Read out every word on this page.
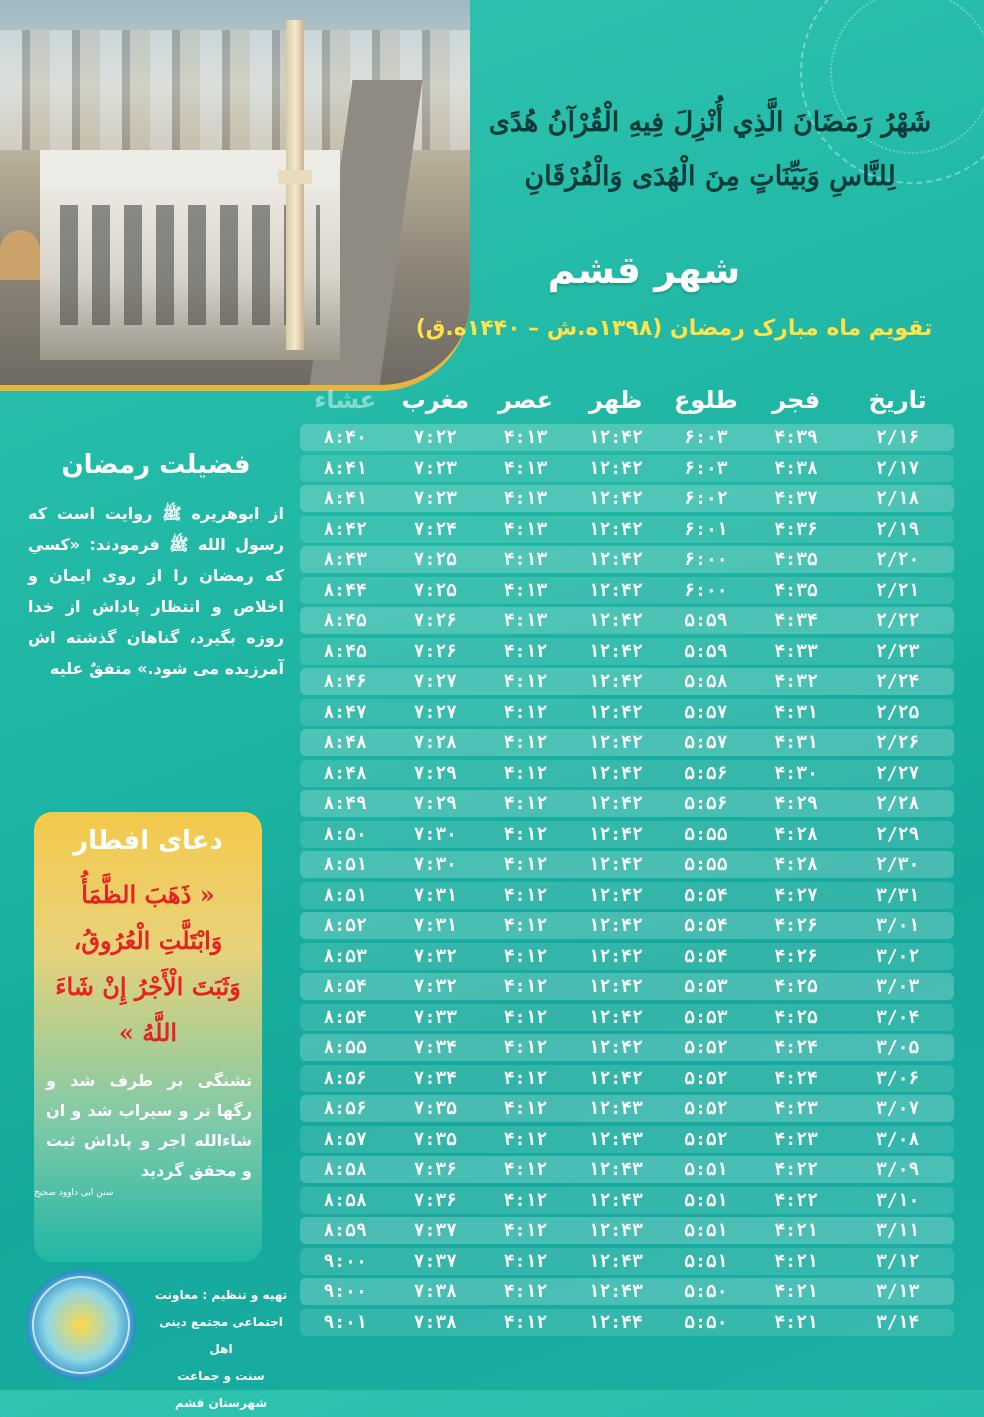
شَهْرُ رَمَضَانَ الَّذِي أُنْزِلَ فِيهِ الْقُرْآنُ هُدًى
لِلنَّاسِ وَبَيِّنَاتٍ مِنَ الْهُدَى وَالْفُرْقَانِ
شهر قشم
تقویم ماه مبارک رمضان (۱۳۹۸ه.ش – ۱۴۴۰ه.ق)
تاریخ
فجر
طلوع
ظهر
عصر
مغرب
عشاء
۲/۱۶
۴:۳۹
۶:۰۳
۱۲:۴۲
۴:۱۳
۷:۲۲
۸:۴۰
۲/۱۷
۴:۳۸
۶:۰۳
۱۲:۴۲
۴:۱۳
۷:۲۳
۸:۴۱
۲/۱۸
۴:۳۷
۶:۰۲
۱۲:۴۲
۴:۱۳
۷:۲۳
۸:۴۱
۲/۱۹
۴:۳۶
۶:۰۱
۱۲:۴۲
۴:۱۳
۷:۲۴
۸:۴۲
۲/۲۰
۴:۳۵
۶:۰۰
۱۲:۴۲
۴:۱۳
۷:۲۵
۸:۴۳
۲/۲۱
۴:۳۵
۶:۰۰
۱۲:۴۲
۴:۱۳
۷:۲۵
۸:۴۴
۲/۲۲
۴:۳۴
۵:۵۹
۱۲:۴۲
۴:۱۳
۷:۲۶
۸:۴۵
۲/۲۳
۴:۳۳
۵:۵۹
۱۲:۴۲
۴:۱۲
۷:۲۶
۸:۴۵
۲/۲۴
۴:۳۲
۵:۵۸
۱۲:۴۲
۴:۱۲
۷:۲۷
۸:۴۶
۲/۲۵
۴:۳۱
۵:۵۷
۱۲:۴۲
۴:۱۲
۷:۲۷
۸:۴۷
۲/۲۶
۴:۳۱
۵:۵۷
۱۲:۴۲
۴:۱۲
۷:۲۸
۸:۴۸
۲/۲۷
۴:۳۰
۵:۵۶
۱۲:۴۲
۴:۱۲
۷:۲۹
۸:۴۸
۲/۲۸
۴:۲۹
۵:۵۶
۱۲:۴۲
۴:۱۲
۷:۲۹
۸:۴۹
۲/۲۹
۴:۲۸
۵:۵۵
۱۲:۴۲
۴:۱۲
۷:۳۰
۸:۵۰
۲/۳۰
۴:۲۸
۵:۵۵
۱۲:۴۲
۴:۱۲
۷:۳۰
۸:۵۱
۳/۳۱
۴:۲۷
۵:۵۴
۱۲:۴۲
۴:۱۲
۷:۳۱
۸:۵۱
۳/۰۱
۴:۲۶
۵:۵۴
۱۲:۴۲
۴:۱۲
۷:۳۱
۸:۵۲
۳/۰۲
۴:۲۶
۵:۵۴
۱۲:۴۲
۴:۱۲
۷:۳۲
۸:۵۳
۳/۰۳
۴:۲۵
۵:۵۳
۱۲:۴۲
۴:۱۲
۷:۳۲
۸:۵۴
۳/۰۴
۴:۲۵
۵:۵۳
۱۲:۴۲
۴:۱۲
۷:۳۳
۸:۵۴
۳/۰۵
۴:۲۴
۵:۵۲
۱۲:۴۲
۴:۱۲
۷:۳۴
۸:۵۵
۳/۰۶
۴:۲۴
۵:۵۲
۱۲:۴۲
۴:۱۲
۷:۳۴
۸:۵۶
۳/۰۷
۴:۲۳
۵:۵۲
۱۲:۴۳
۴:۱۲
۷:۳۵
۸:۵۶
۳/۰۸
۴:۲۳
۵:۵۲
۱۲:۴۳
۴:۱۲
۷:۳۵
۸:۵۷
۳/۰۹
۴:۲۲
۵:۵۱
۱۲:۴۳
۴:۱۲
۷:۳۶
۸:۵۸
۳/۱۰
۴:۲۲
۵:۵۱
۱۲:۴۳
۴:۱۲
۷:۳۶
۸:۵۸
۳/۱۱
۴:۲۱
۵:۵۱
۱۲:۴۳
۴:۱۲
۷:۳۷
۸:۵۹
۳/۱۲
۴:۲۱
۵:۵۱
۱۲:۴۳
۴:۱۲
۷:۳۷
۹:۰۰
۳/۱۳
۴:۲۱
۵:۵۰
۱۲:۴۳
۴:۱۲
۷:۳۸
۹:۰۰
۳/۱۴
۴:۲۱
۵:۵۰
۱۲:۴۴
۴:۱۲
۷:۳۸
۹:۰۱
فضیلت رمضان

از ابوهریره ﷺ روایت است که رسول الله ﷺ فرمودند: «کسي که رمضان را از روی ایمان و اخلاص و انتظار پاداش از خدا روزه بگیرد، گناهان گذشته اش آمرزیده می شود.» متفقٌ علیه

دعای افطار
« ذَهَبَ الظَّمَأُ وَابْتَلَّتِ الْعُرُوقُ، وَثَبَتَ الْأَجْرُ إِنْ شَاءَ اللَّهُ »
تشنگی بر طرف شد و رگها تر و سیراب شد و ان شاءالله اجر و پاداش ثبت و محقق گردید
سنن ابی داوود صحیح
تهیه و تنظیم : معاونت
اجتماعی مجتمع دینی اهل
سنت و جماعت شهرستان قشم
